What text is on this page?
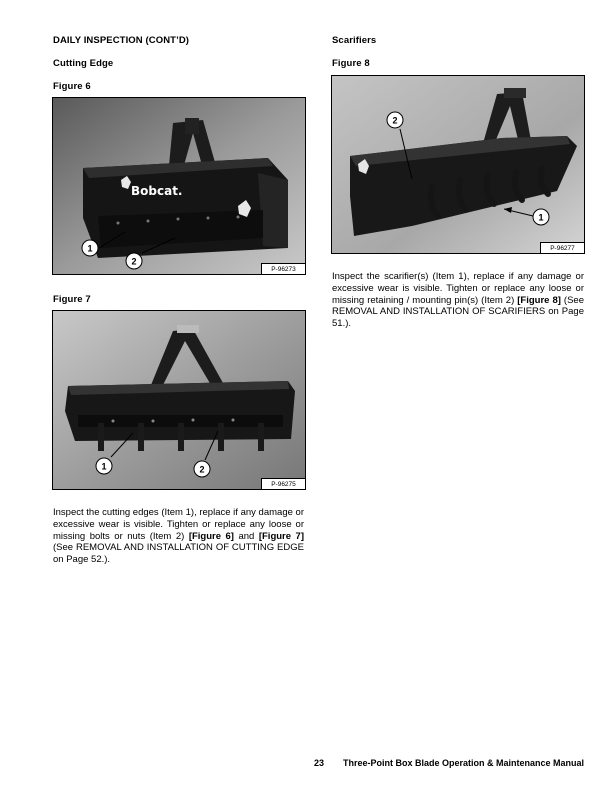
DAILY INSPECTION (CONT’D)
Cutting Edge
Figure 6
Bobcat.
1
2
P-96273
Figure 7
1	2
P-96275
Inspect the cutting edges (Item 1), replace if any damage or excessive wear is visible. Tighten or replace any loose or missing bolts or nuts (Item 2) [Figure 6] and [Figure 7] (See REMOVAL AND INSTALLATION OF CUTTING EDGE on Page 52.).
Scarifiers
Figure 8
2
1
P-96277
Inspect the scarifier(s) (Item 1), replace if any damage or excessive wear is visible. Tighten or replace any loose or missing retaining / mounting pin(s) (Item 2) [Figure 8] (See REMOVAL AND INSTALLATION OF SCARIFIERS on Page 51.).
23 Three-Point Box Blade Operation & Maintenance Manual
